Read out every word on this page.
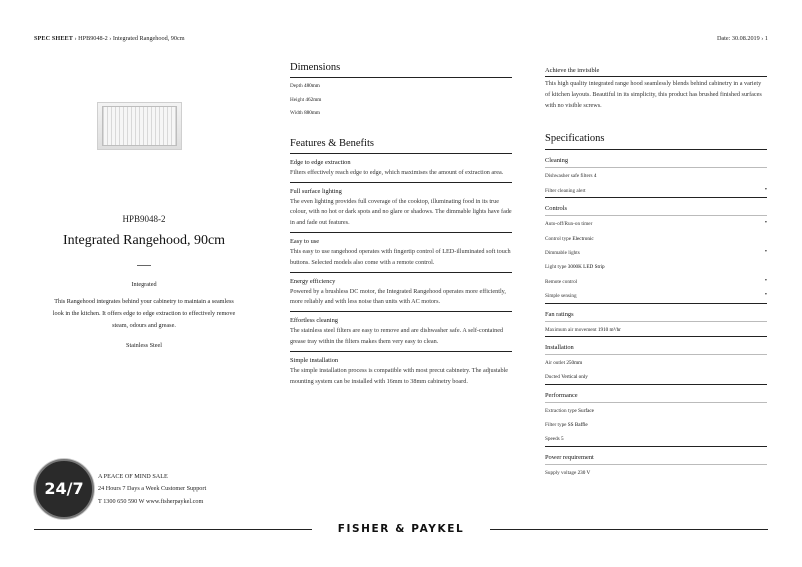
SPEC SHEET › HPB9048-2 › Integrated Rangehood, 90cm	Date: 30.08.2019 › 1
HPB9048-2
Integrated Rangehood, 90cm
Integrated
This Rangehood integrates behind your cabinetry to maintain a seamless look in the kitchen. It offers edge to edge extraction to effectively remove steam, odours and grease.
Stainless Steel
24/7
A PEACE OF MIND SALE
24 Hours 7 Days a Week Customer Support
T 1300 650 590 W www.fisherpaykel.com
Dimensions
Depth 480mm
Height 462mm
Width 880mm
Features & Benefits
Edge to edge extraction
Filters effectively reach edge to edge, which maximises the amount of extraction area.
Full surface lighting
The even lighting provides full coverage of the cooktop, illuminating food in its true colour, with no hot or dark spots and no glare or shadows. The dimmable lights have fade in and fade out features.
Easy to use
This easy to use rangehood operates with fingertip control of LED-illuminated soft touch buttons. Selected models also come with a remote control.
Energy efficiency
Powered by a brushless DC motor, the Integrated Rangehood operates more efficiently, more reliably and with less noise than units with AC motors.
Effortless cleaning
The stainless steel filters are easy to remove and are dishwasher safe. A self-contained grease tray within the filters makes them very easy to clean.
Simple installation
The simple installation process is compatible with most precut cabinetry. The adjustable mounting system can be installed with 16mm to 38mm cabinetry board.
Achieve the invisible
This high quality integrated range hood seamlessly blends behind cabinetry in a variety of kitchen layouts. Beautiful in its simplicity, this product has brushed finished surfaces with no visible screws.
Specifications
Cleaning
Dishwasher safe filters 4
Filter cleaning alert	•
Controls
Auto-off/Run-on timer	•
Control type Electronic
Dimmable lights	•
Light type 3000K LED Strip
Remote control	•
Simple sensing	•
Fan ratings
Maximum air movement 1910 m³/hr
Installation
Air outlet 250mm
Ducted Vertical only
Performance
Extraction type Surface
Filter type SS Baffle
Speeds 5
Power requirement
Supply voltage 230 V
FISHER & PAYKEL
